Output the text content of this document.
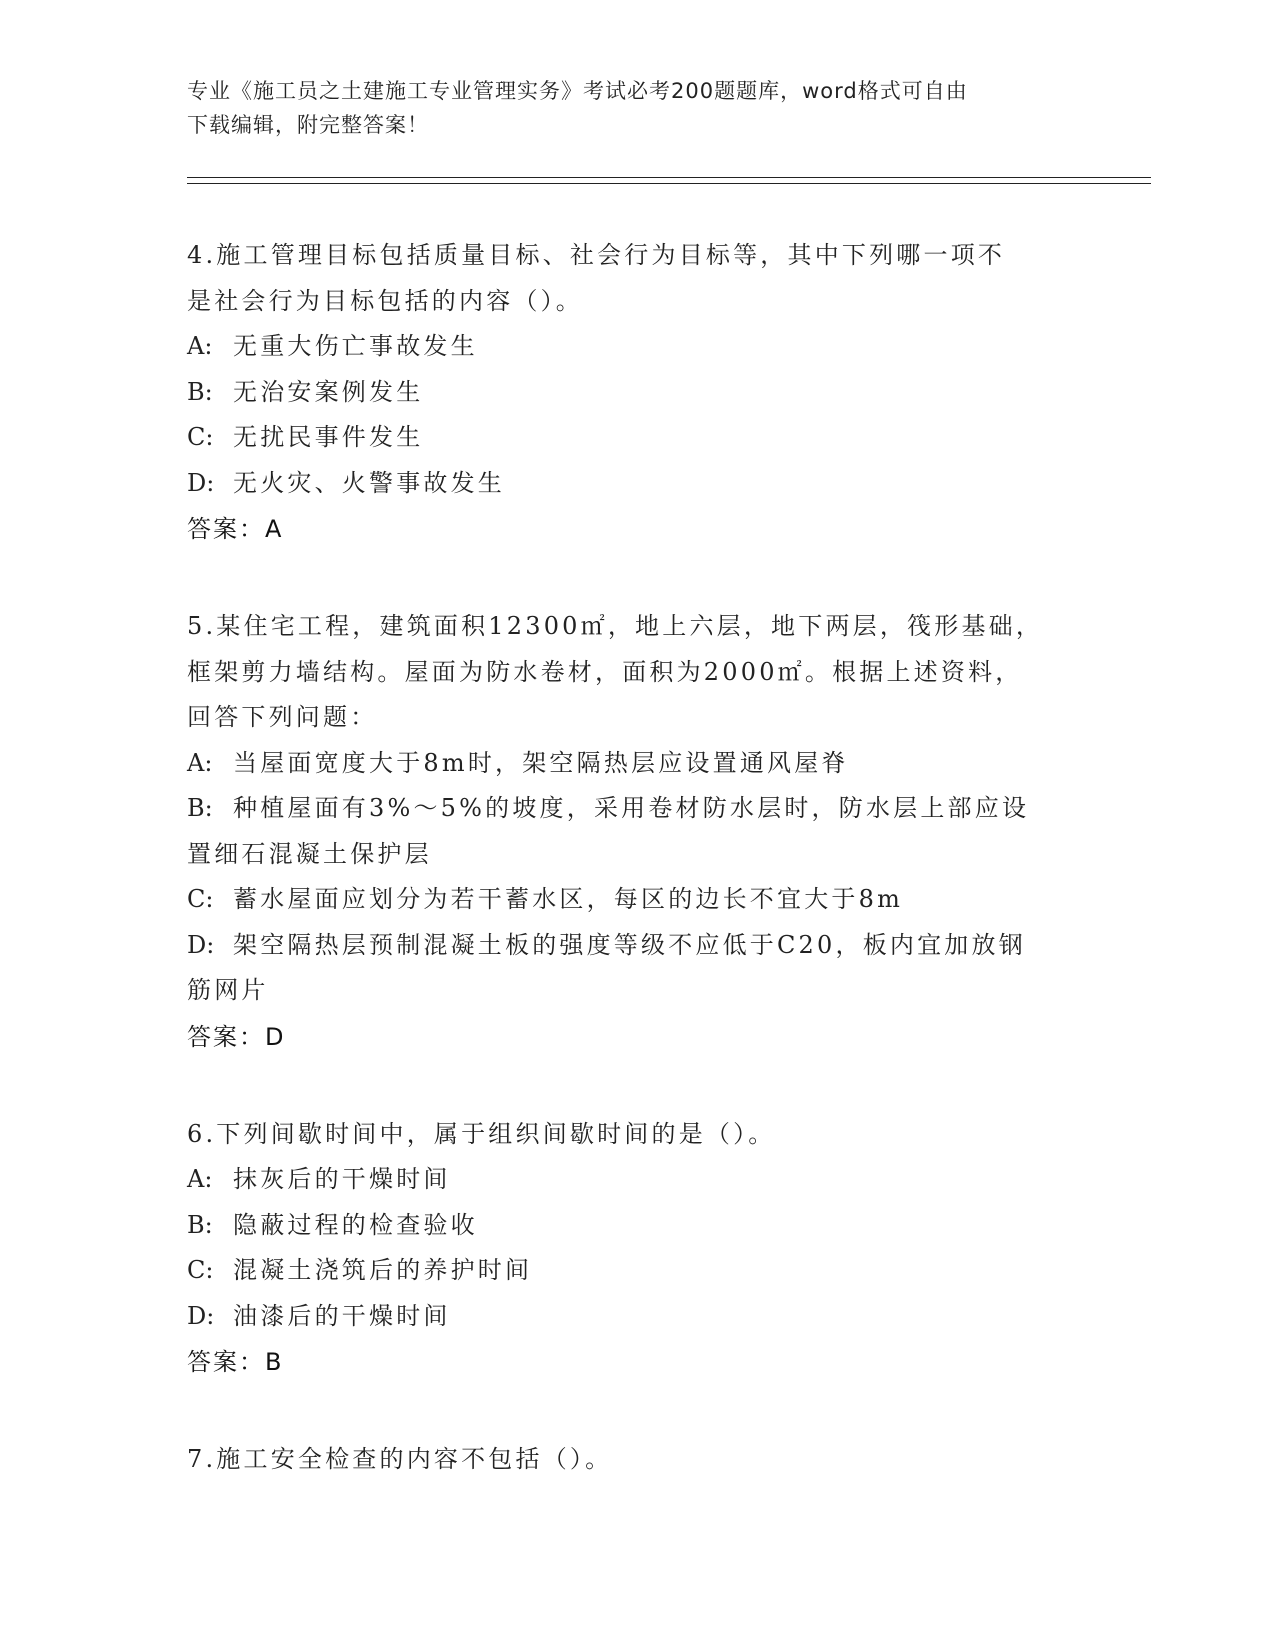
专业《施工员之土建施工专业管理实务》考试必考200题题库，word格式可自由
下载编辑，附完整答案！
4.施工管理目标包括质量目标、社会行为目标等，其中下列哪一项不
是社会行为目标包括的内容（）。
A: 无重大伤亡事故发生
B: 无治安案例发生
C: 无扰民事件发生
D: 无火灾、火警事故发生
答案：A
5.某住宅工程，建筑面积12300㎡，地上六层，地下两层，筏形基础，
框架剪力墙结构。屋面为防水卷材，面积为2000㎡。根据上述资料，
回答下列问题：
A: 当屋面宽度大于8m时，架空隔热层应设置通风屋脊
B: 种植屋面有3%～5%的坡度，采用卷材防水层时，防水层上部应设
置细石混凝土保护层
C: 蓄水屋面应划分为若干蓄水区，每区的边长不宜大于8m
D: 架空隔热层预制混凝土板的强度等级不应低于C20，板内宜加放钢
筋网片
答案：D
6.下列间歇时间中，属于组织间歇时间的是（）。
A: 抹灰后的干燥时间
B: 隐蔽过程的检查验收
C: 混凝土浇筑后的养护时间
D: 油漆后的干燥时间
答案：B
7.施工安全检查的内容不包括（）。
